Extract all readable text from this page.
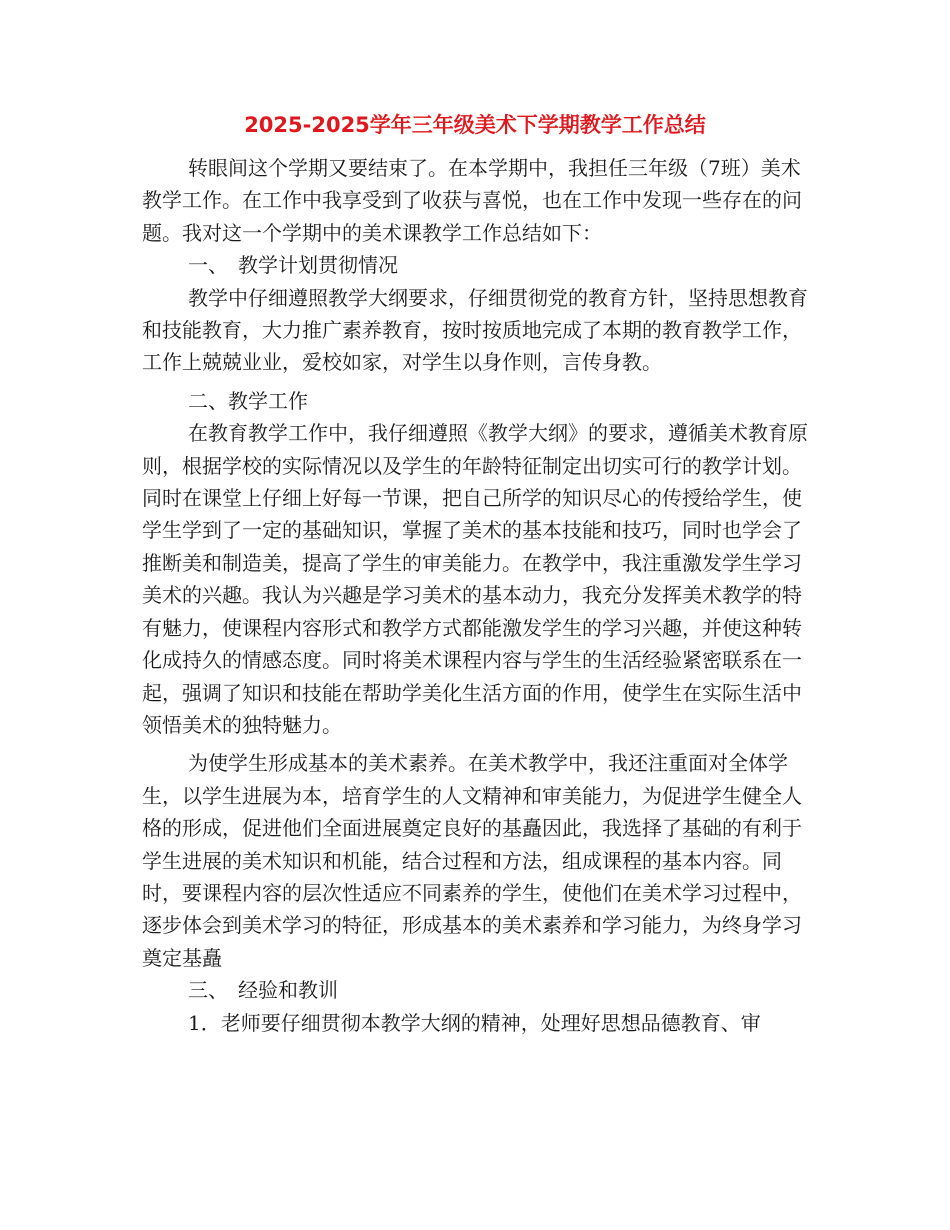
2025-2025学年三年级美术下学期教学工作总结

转眼间这个学期又要结束了。在本学期中，我担任三年级（7班）美术教学工作。在工作中我享受到了收获与喜悦，也在工作中发现一些存在的问题。我对这一个学期中的美术课教学工作总结如下：

一、　教学计划贯彻情况

教学中仔细遵照教学大纲要求，仔细贯彻党的教育方针，坚持思想教育和技能教育，大力推广素养教育，按时按质地完成了本期的教育教学工作，工作上兢兢业业，爱校如家，对学生以身作则，言传身教。

二、教学工作

在教育教学工作中，我仔细遵照《教学大纲》的要求，遵循美术教育原则，根据学校的实际情况以及学生的年龄特征制定出切实可行的教学计划。同时在课堂上仔细上好每一节课，把自己所学的知识尽心的传授给学生，使学生学到了一定的基础知识，掌握了美术的基本技能和技巧，同时也学会了推断美和制造美，提高了学生的审美能力。在教学中，我注重激发学生学习美术的兴趣。我认为兴趣是学习美术的基本动力，我充分发挥美术教学的特有魅力，使课程内容形式和教学方式都能激发学生的学习兴趣，并使这种转化成持久的情感态度。同时将美术课程内容与学生的生活经验紧密联系在一起，强调了知识和技能在帮助学美化生活方面的作用，使学生在实际生活中领悟美术的独特魅力。

为使学生形成基本的美术素养。在美术教学中，我还注重面对全体学生，以学生进展为本，培育学生的人文精神和审美能力，为促进学生健全人格的形成，促进他们全面进展奠定良好的基矗因此，我选择了基础的有利于学生进展的美术知识和机能，结合过程和方法，组成课程的基本内容。同时，要课程内容的层次性适应不同素养的学生，使他们在美术学习过程中，逐步体会到美术学习的特征，形成基本的美术素养和学习能力，为终身学习奠定基矗

三、　经验和教训

1．老师要仔细贯彻本教学大纲的精神，处理好思想品德教育、审
